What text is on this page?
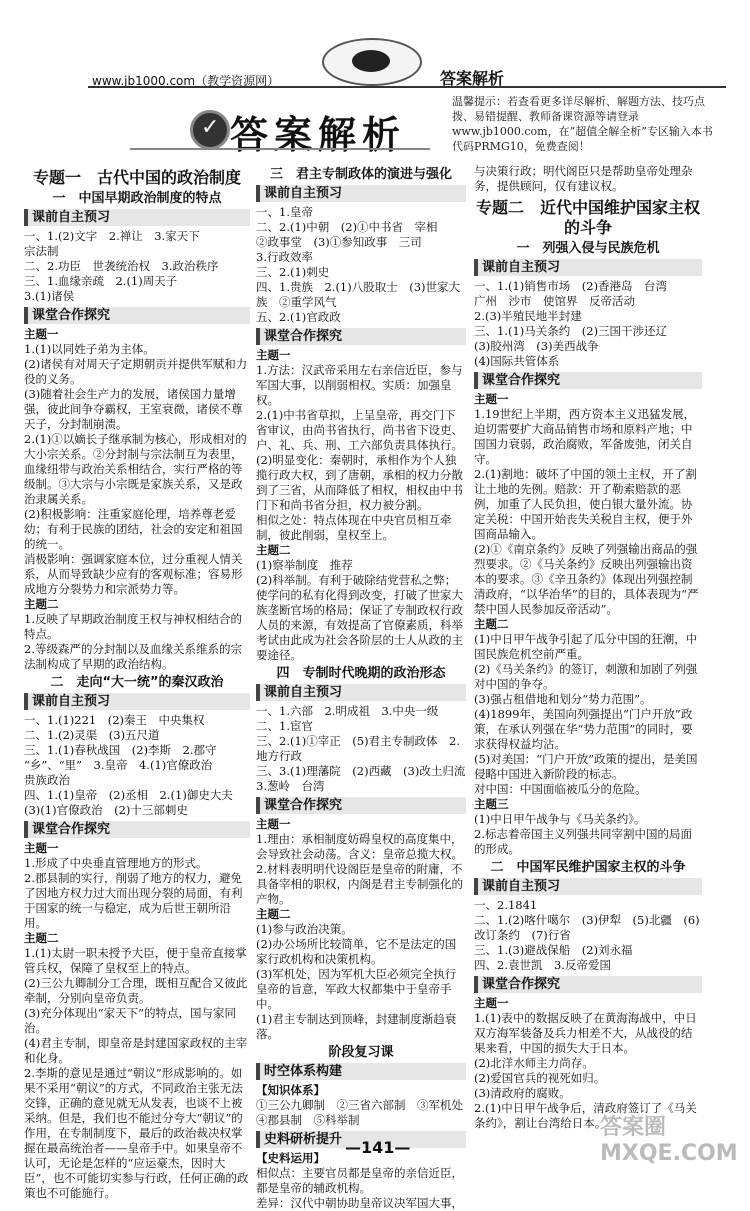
www.jb1000.com（教学资源网）	答案解析
✓ 答案解析
温馨提示：若查看更多详尽解析、解题方法、技巧点拨、易错提醒、教师备课资源等请登录www.jb1000.com，在“超值全解全析”专区输入本书代码PRMG10，免费查阅！
专题一　古代中国的政治制度
一　中国早期政治制度的特点
课前自主预习
一、1.(2)文字　2.禅让　3.家天下
宗法制
二、2.功臣　世袭统治权　3.政治秩序
三、1.血缘亲疏　2.(1)周天子
3.(1)诸侯
课堂合作探究
主题一
1.(1)以同姓子弟为主体。
(2)诸侯有对周天子定期朝贡并提供军赋和力役的义务。
(3)随着社会生产力的发展，诸侯国力量增强，彼此间争夺霸权，王室衰微，诸侯不尊天子，分封制崩溃。
2.(1)①以嫡长子继承制为核心，形成相对的大小宗关系。②分封制与宗法制互为表里，血缘纽带与政治关系相结合，实行严格的等级制。③大宗与小宗既是家族关系，又是政治隶属关系。
(2)积极影响：注重家庭伦理，培养尊老爱幼；有利于民族的团结，社会的安定和祖国的统一。
消极影响：强调家庭本位，过分重视人情关系，从而导致缺少应有的客观标准；容易形成地方分裂势力和宗派势力等。
主题二
1.反映了早期政治制度王权与神权相结合的特点。
2.等级森严的分封制以及血缘关系维系的宗法制构成了早期的政治结构。
二　走向“大一统”的秦汉政治
课前自主预习
一、1.(1)221　(2)秦王　中央集权
二、1.(2)灵渠　(3)五尺道
三、1.(1)春秋战国　(2)李斯　2.郡守
“乡”、“里”　3.皇帝　4.(1)官僚政治
贵族政治
四、1.(1)皇帝　(2)丞相　2.(1)御史大夫
(3)(1)官僚政治　(2)十三部刺史
课堂合作探究
主题一
1.形成了中央垂直管理地方的形式。
2.郡县制的实行，削弱了地方的权力，避免了因地方权力过大而出现分裂的局面，有利于国家的统一与稳定，成为后世王朝所沿用。
主题二
1.(1)太尉一职未授予大臣，便于皇帝直接掌管兵权，保障了皇权至上的特点。
(2)三公九卿制分工合理，既相互配合又彼此牵制，分别向皇帝负责。
(3)充分体现出“家天下”的特点，国与家同治。
(4)君主专制，即皇帝是封建国家政权的主宰和化身。
2.李斯的意见是通过“朝议”形成影响的。如果不采用“朝议”的方式，不同政治主张无法交锋，正确的意见就无从发表，也谈不上被采纳。但是，我们也不能过分夸大“朝议”的作用，在专制制度下，最后的政治裁决权掌握在最高统治者——皇帝手中。如果皇帝不认可，无论是怎样的“应运豪杰，因时大臣”，也不可能切实参与行政，任何正确的政策也不可能施行。
三　君主专制政体的演进与强化
课前自主预习
一、1.皇帝
二、2.(1)中朝　(2)①中书省　宰相
②政事堂　(3)①参知政事　三司
3.行政效率
三、2.(1)刺史
四、1.贵族　2.(1)八股取士　(3)世家大族　②重学风气
五、2.(1)官政政
课堂合作探究
主题一
1.方法：汉武帝采用左右亲信近臣，参与军国大事，以削弱相权。实质：加强皇权。
2.(1)中书省草拟，上呈皇帝，再交门下省审议，由尚书省执行，尚书省下设吏、户、礼、兵、刑、工六部负责具体执行。
(2)明显变化：秦朝时，承相作为个人独揽行政大权，到了唐朝，承相的权力分散到了三省，从而降低了相权，相权由中书门下和尚书省分担，权力被分割。
相似之处：特点体现在中央官员相互牵制，彼此削弱，皇权至上。
主题二
(1)察举制度　推荐
(2)科举制。有利于破除结党营私之弊；使学问的私有化得到改变，打破了世家大族垄断官场的格局；保证了专制政权行政人员的来源，有效提高了官僚素质，科举考试由此成为社会各阶层的士人从政的主要途径。
四　专制时代晚期的政治形态
课前自主预习
一、1.六部　2.明成祖　3.中央一级
二、1.宦官
三、2.(1)①宰正　(5)君主专制政体　2.地方行政
三、3.(1)理藩院　(2)西藏　(3)改土归流
3.葱岭　台湾
课堂合作探究
主题一
1.理由：承相制度妨碍皇权的高度集中，会导致社会动荡。含义：皇帝总揽大权。
2.材料表明明代设阁臣是皇帝的附庸，不具备宰相的职权，内阁是君主专制强化的产物。
主题二
(1)参与政治决策。
(2)办公场所比较简单，它不是法定的国家行政机构和决策机构。
(3)军机处，因为军机大臣必须完全执行皇帝的旨意，军政大权都集中于皇帝手中。
(1)君主专制达到顶峰，封建制度渐趋衰落。
阶段复习课
时空体系构建
【知识体系】
①三公九卿制　②三省六部制　③军机处
④郡县制　⑤科举制
史料研析提升
【史料运用】
相似点：主要官员都是皇帝的亲信近臣，都是皇帝的辅政机构。
差异：汉代中朝协助皇帝议决军国大事，
与决策行政；明代阁臣只是帮助皇帝处理杂务，提供顾问，仅有建议权。
专题二　近代中国维护国家主权的斗争
一　列强入侵与民族危机
课前自主预习
一、1.(1)销售市场　(2)香港岛　台湾
广州　沙市　使馆界　反帝活动
2.(3)半殖民地半封建
三、1.(1)马关条约　(2)三国干涉还辽
(3)胶州湾　(3)美西战争
(4)国际共管体系
课堂合作探究
主题一
1.19世纪上半期，西方资本主义迅猛发展，迫切需要扩大商品销售市场和原料产地；中国国力衰弱，政治腐败，军备废弛，闭关自守。
2.(1)割地：破坏了中国的领土主权，开了割让土地的先例。赔款：开了勒索赔款的恶例，加重了人民负担，使白银大量外流。协定关税：中国开始丧失关税自主权，便于外国商品输入。
(2)①《南京条约》反映了列强输出商品的强烈要求。②《马关条约》反映出列强输出资本的要求。③《辛丑条约》体现出列强控制清政府，“以华治华”的目的，具体表现为“严禁中国人民参加反帝活动”。
主题二
(1)中日甲午战争引起了瓜分中国的狂潮，中国民族危机空前严重。
(2)《马关条约》的签订，刺激和加剧了列强对中国的争夺。
(3)强占租借地和划分“势力范围”。
(4)1899年，美国向列强提出“门户开放”政策，在承认列强在华“势力范围”的同时，要求获得权益均沾。
(5)对美国：“门户开放”政策的提出，是美国侵略中国进入新阶段的标志。
对中国：中国面临被瓜分的危险。
主题三
(1)中日甲午战争与《马关条约》。
2.标志着帝国主义列强共同宰割中国的局面的形成。
二　中国军民维护国家主权的斗争
课前自主预习
一、2.1841
二、1.(2)喀什噶尔　(3)伊犁　(5)北疆　(6)改订条约　(7)行省
三、1.(3)避战保船　(2)刘永福
四、2.袁世凯　3.反帝爱国
课堂合作探究
主题一
1.(1)表中的数据反映了在黄海海战中，中日双方海军装备及兵力相差不大，从战役的结果来看，中国的损失大于日本。
(2)北洋水师主力尚存。
(2)爱国官兵的视死如归。
(3)清政府的腐败。
2.(1)中日甲午战争后，清政府签订了《马关条约》，割让台湾给日本。
—141—
答案圈 MXQE.COM
